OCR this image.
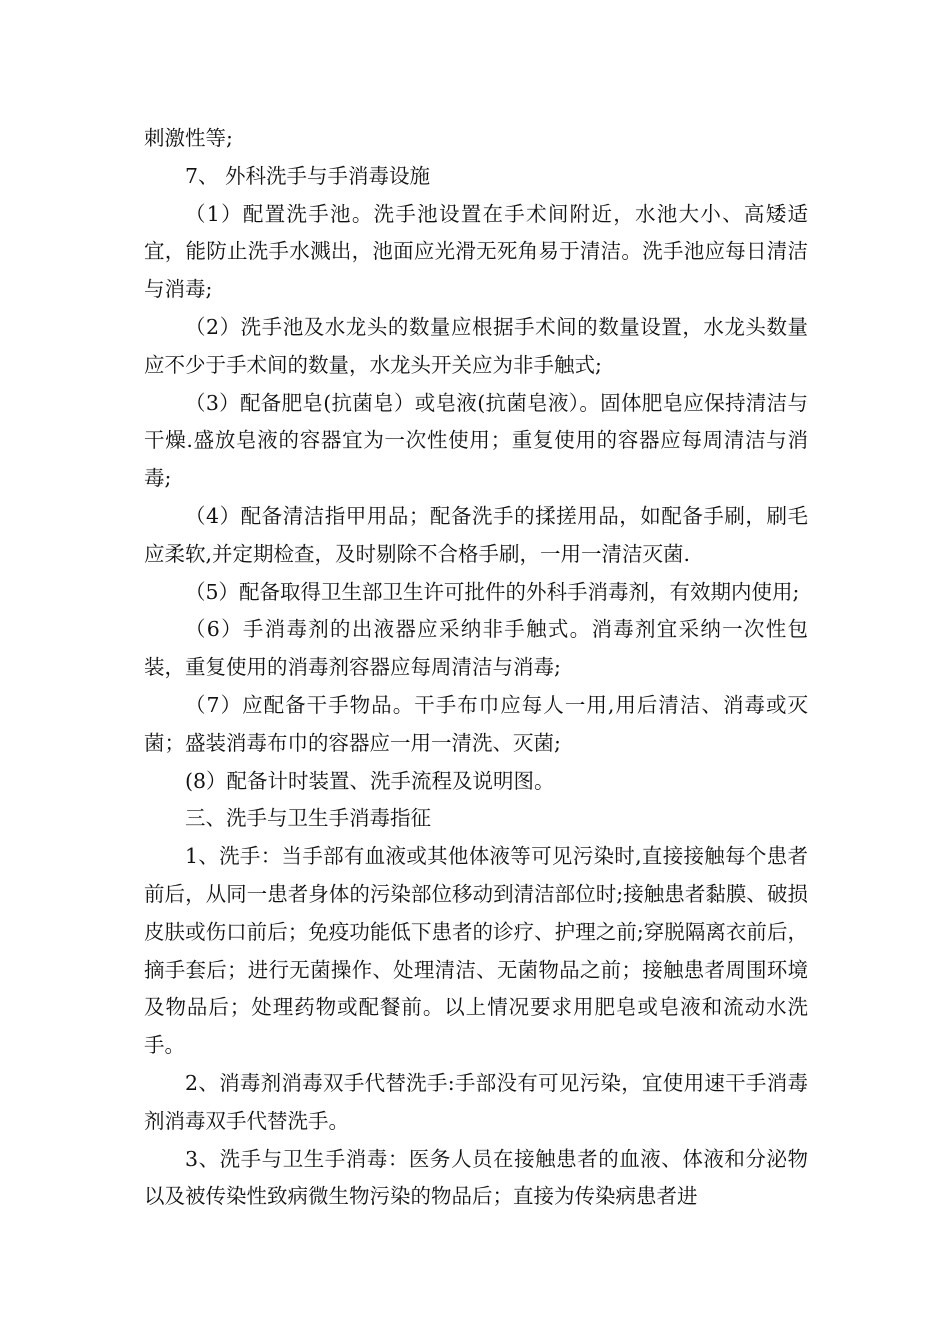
刺激性等;

7、 外科洗手与手消毒设施

（1）配置洗手池。洗手池设置在手术间附近，水池大小、高矮适宜，能防止洗手水溅出，池面应光滑无死角易于清洁。洗手池应每日清洁与消毒;

（2）洗手池及水龙头的数量应根据手术间的数量设置，水龙头数量应不少于手术间的数量，水龙头开关应为非手触式;

（3）配备肥皂(抗菌皂）或皂液(抗菌皂液）。固体肥皂应保持清洁与干燥.盛放皂液的容器宜为一次性使用；重复使用的容器应每周清洁与消毒;

（4）配备清洁指甲用品；配备洗手的揉搓用品，如配备手刷，刷毛应柔软,并定期检查，及时剔除不合格手刷，一用一清洁灭菌.

（5）配备取得卫生部卫生许可批件的外科手消毒剂，有效期内使用;

（6）手消毒剂的出液器应采纳非手触式。消毒剂宜采纳一次性包装，重复使用的消毒剂容器应每周清洁与消毒;

（7）应配备干手物品。干手布巾应每人一用,用后清洁、消毒或灭菌；盛装消毒布巾的容器应一用一清洗、灭菌;

(8）配备计时装置、洗手流程及说明图。

三、洗手与卫生手消毒指征

1、洗手：当手部有血液或其他体液等可见污染时,直接接触每个患者前后，从同一患者身体的污染部位移动到清洁部位时;接触患者黏膜、破损皮肤或伤口前后；免疫功能低下患者的诊疗、护理之前;穿脱隔离衣前后，摘手套后；进行无菌操作、处理清洁、无菌物品之前；接触患者周围环境及物品后；处理药物或配餐前。以上情况要求用肥皂或皂液和流动水洗手。

2、消毒剂消毒双手代替洗手:手部没有可见污染，宜使用速干手消毒剂消毒双手代替洗手。

3、洗手与卫生手消毒：医务人员在接触患者的血液、体液和分泌物以及被传染性致病微生物污染的物品后；直接为传染病患者进
